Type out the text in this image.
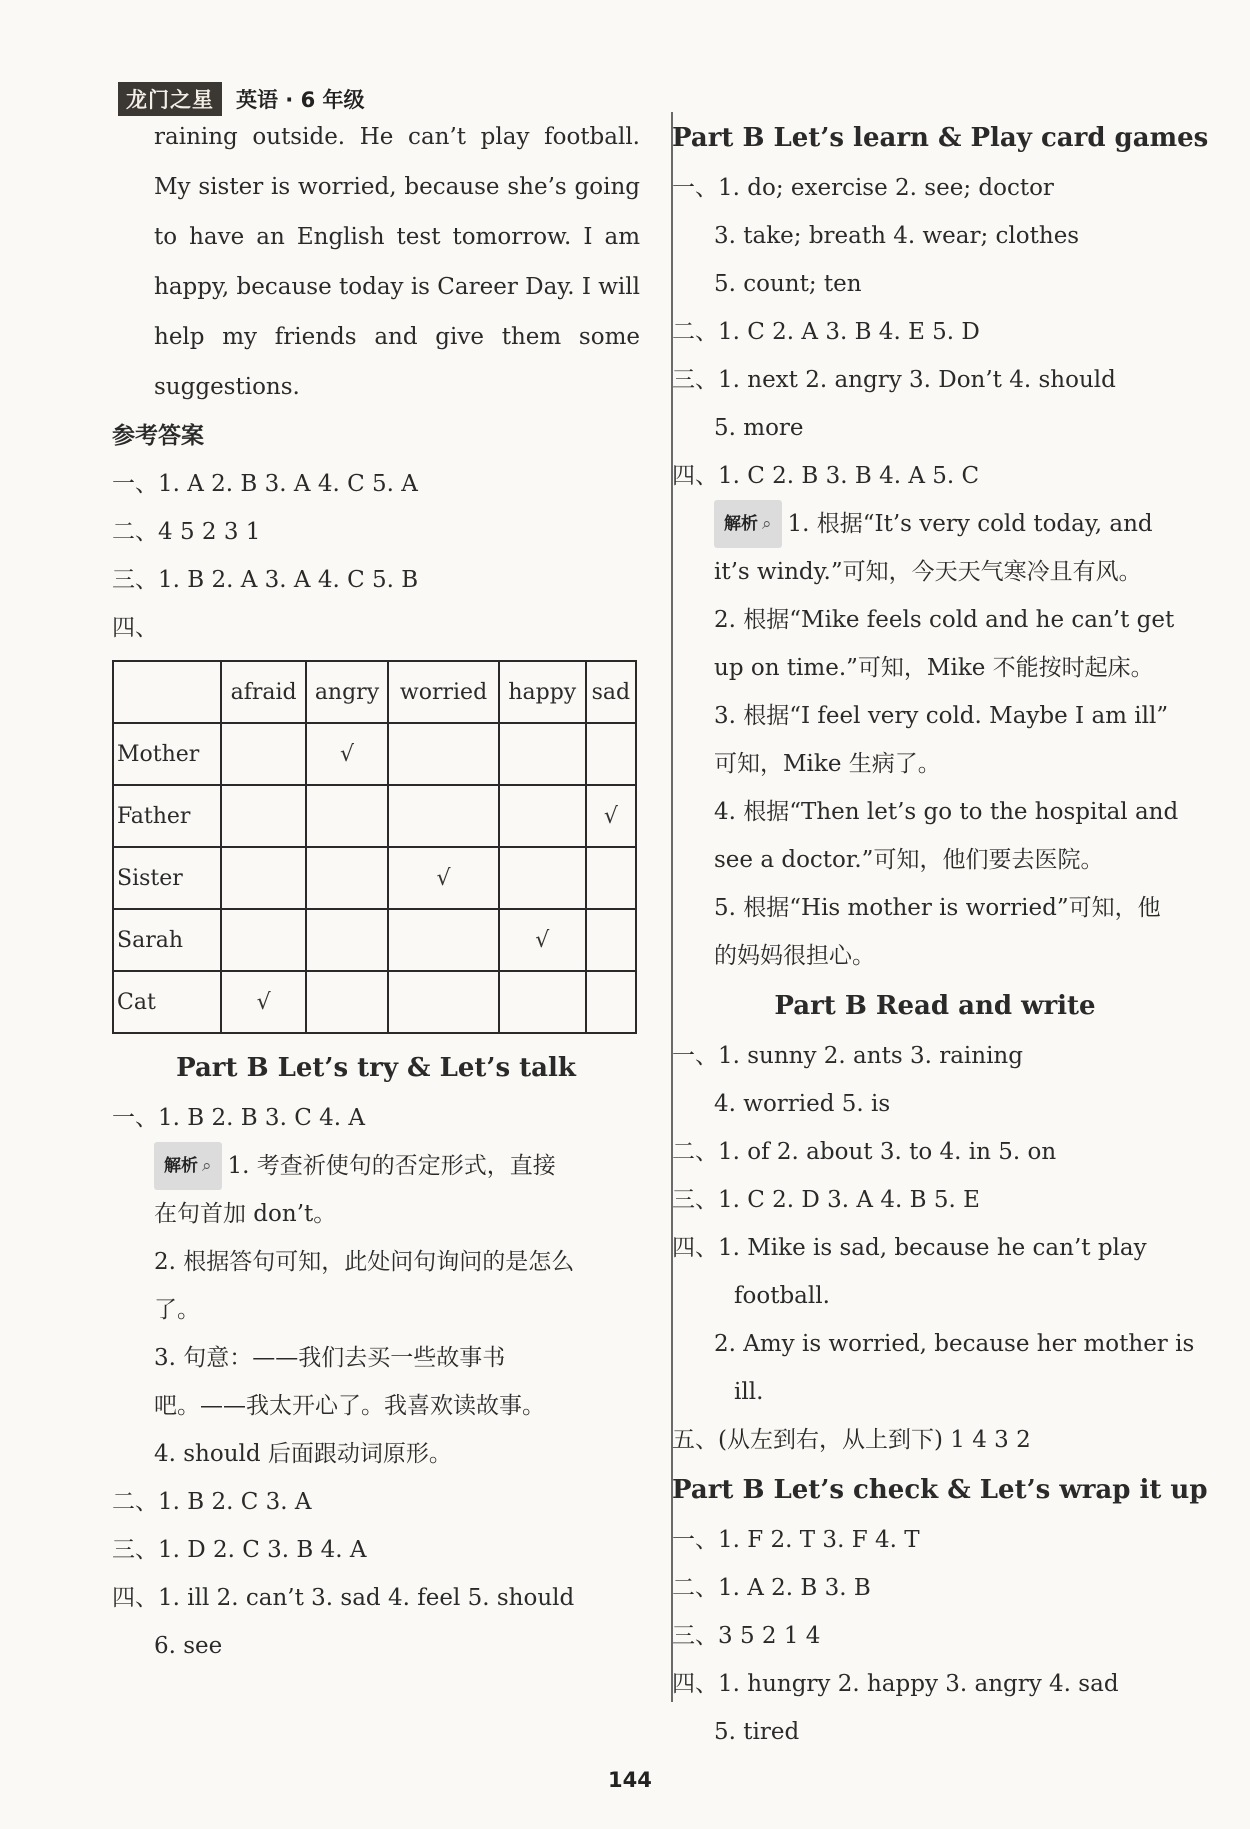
龙门之星	英语 · 6 年级
raining outside. He can’t play football.
My sister is worried, because she’s going
to have an English test tomorrow. I am
happy, because today is Career Day. I will
help my friends and give them some
suggestions.
参考答案
一、1. A 2. B 3. A 4. C 5. A
二、4 5 2 3 1
三、1. B 2. A 3. A 4. C 5. B
四、
	afraid	angry	worried	happy	sad
Mother		√			
Father					√
Sister			√		
Sarah				√	
Cat	√				
Part B Let’s try & Let’s talk
一、1. B 2. B 3. C 4. A
解析 ⌕ 1. 考查祈使句的否定形式，直接
在句首加 don’t。
2. 根据答句可知，此处问句询问的是怎么
了。
3. 句意：——我们去买一些故事书
吧。——我太开心了。我喜欢读故事。
4. should 后面跟动词原形。
二、1. B 2. C 3. A
三、1. D 2. C 3. B 4. A
四、1. ill 2. can’t 3. sad 4. feel 5. should
6. see
Part B Let’s learn & Play card games
一、1. do; exercise 2. see; doctor
3. take; breath 4. wear; clothes
5. count; ten
二、1. C 2. A 3. B 4. E 5. D
三、1. next 2. angry 3. Don’t 4. should
5. more
四、1. C 2. B 3. B 4. A 5. C
解析 ⌕ 1. 根据“It’s very cold today, and
it’s windy.”可知，今天天气寒冷且有风。
2. 根据“Mike feels cold and he can’t get
up on time.”可知，Mike 不能按时起床。
3. 根据“I feel very cold. Maybe I am ill”
可知，Mike 生病了。
4. 根据“Then let’s go to the hospital and
see a doctor.”可知，他们要去医院。
5. 根据“His mother is worried”可知，他
的妈妈很担心。
Part B Read and write
一、1. sunny 2. ants 3. raining
4. worried 5. is
二、1. of 2. about 3. to 4. in 5. on
三、1. C 2. D 3. A 4. B 5. E
四、1. Mike is sad, because he can’t play
football.
2. Amy is worried, because her mother is
ill.
五、(从左到右，从上到下) 1 4 3 2
Part B Let’s check & Let’s wrap it up
一、1. F 2. T 3. F 4. T
二、1. A 2. B 3. B
三、3 5 2 1 4
四、1. hungry 2. happy 3. angry 4. sad
5. tired
144
